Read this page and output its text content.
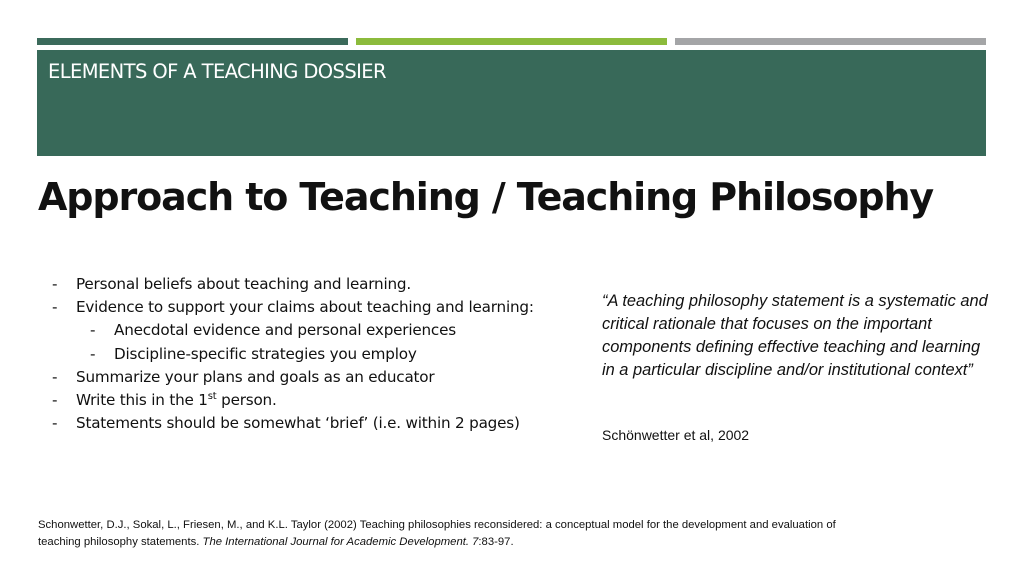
ELEMENTS OF A TEACHING DOSSIER
Approach to Teaching / Teaching Philosophy
- Personal beliefs about teaching and learning.
- Evidence to support your claims about teaching and learning:
- Anecdotal evidence and personal experiences
- Discipline-specific strategies you employ
- Summarize your plans and goals as an educator
- Write this in the 1st person.
- Statements should be somewhat ‘brief’ (i.e. within 2 pages)
“A teaching philosophy statement is a systematic and critical rationale that focuses on the important components defining effective teaching and learning in a particular discipline and/or institutional context”
Schönwetter et al, 2002
Schonwetter, D.J., Sokal, L., Friesen, M., and K.L. Taylor (2002) Teaching philosophies reconsidered: a conceptual model for the development and evaluation of
teaching philosophy statements. The International Journal for Academic Development. 7:83-97.
